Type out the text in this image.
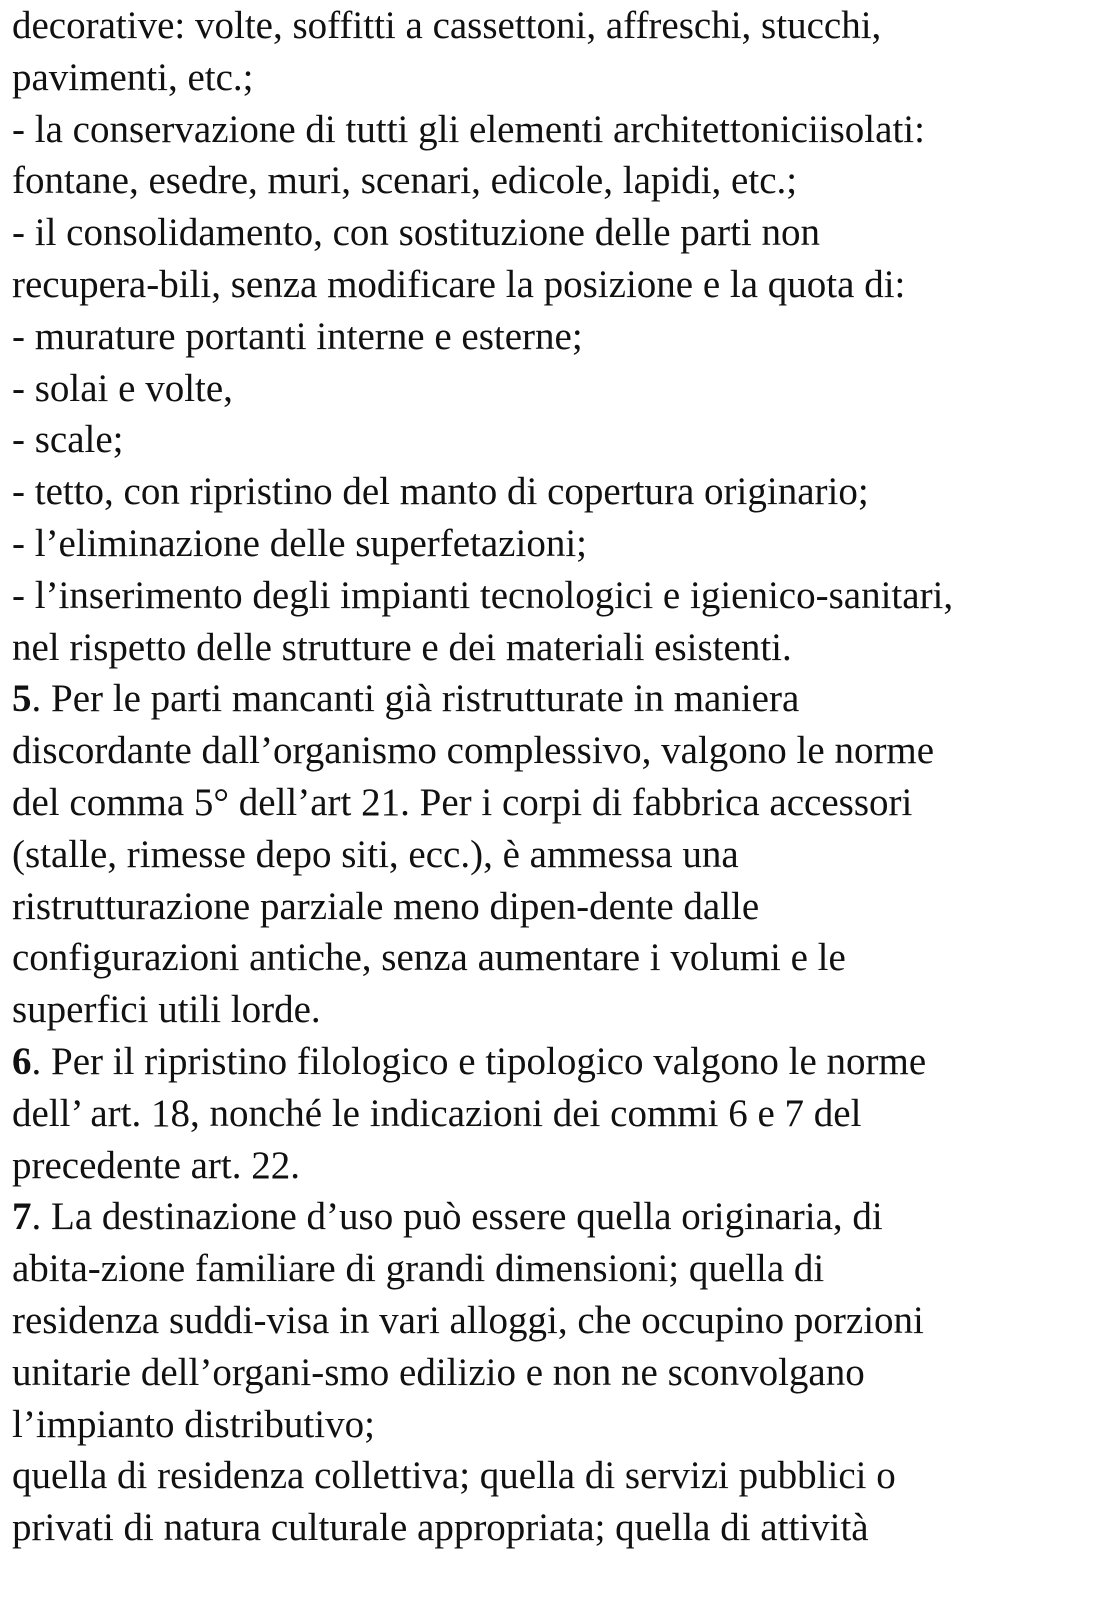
decorative: volte, soffitti a cassettoni, affreschi, stucchi,
pavimenti, etc.;
- la conservazione di tutti gli elementi architettoniciisolati:
fontane, esedre, muri, scenari, edicole, lapidi, etc.;
- il consolidamento, con sostituzione delle parti non
recupera-bili, senza modificare la posizione e la quota di:
- murature portanti interne e esterne;
- solai e volte,
- scale;
- tetto, con ripristino del manto di copertura originario;
- l’eliminazione delle superfetazioni;
- l’inserimento degli impianti tecnologici e igienico-sanitari,
nel rispetto delle strutture e dei materiali esistenti.
5. Per le parti mancanti già ristrutturate in maniera
discordante dall’organismo complessivo, valgono le norme
del comma 5° dell’art 21. Per i corpi di fabbrica accessori
(stalle, rimesse depo siti, ecc.), è ammessa una
ristrutturazione parziale meno dipen-dente dalle
configurazioni antiche, senza aumentare i volumi e le
superfici utili lorde.
6. Per il ripristino filologico e tipologico valgono le norme
dell’ art. 18, nonché le indicazioni dei commi 6 e 7 del
precedente art. 22.
7. La destinazione d’uso può essere quella originaria, di
abita-zione familiare di grandi dimensioni; quella di
residenza suddi-visa in vari alloggi, che occupino porzioni
unitarie dell’organi-smo edilizio e non ne sconvolgano
l’impianto distributivo;
quella di residenza collettiva; quella di servizi pubblici o
privati di natura culturale appropriata; quella di attività
